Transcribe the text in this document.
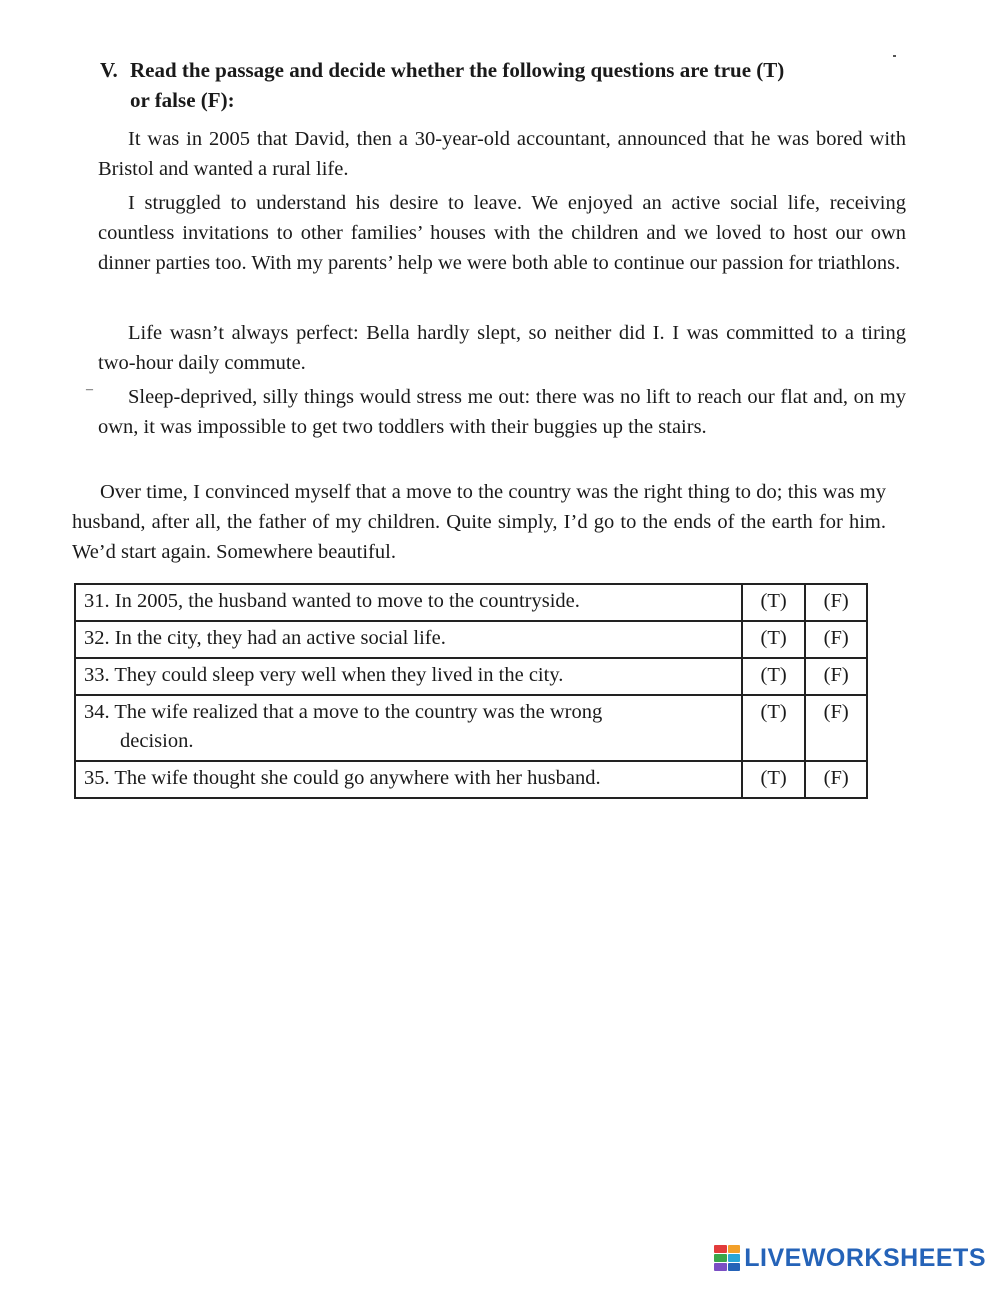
V. Read the passage and decide whether the following questions are true (T)
or false (F):

It was in 2005 that David, then a 30-year-old accountant, announced that he was bored with Bristol and wanted a rural life.

I struggled to understand his desire to leave. We enjoyed an active social life, receiving countless invitations to other families’ houses with the children and we loved to host our own dinner parties too. With my parents’ help we were both able to continue our passion for triathlons.

Life wasn’t always perfect: Bella hardly slept, so neither did I. I was committed to a tiring two-hour daily commute.

–	Sleep-deprived, silly things would stress me out: there was no lift to reach our flat and, on my own, it was impossible to get two toddlers with their buggies up the stairs.

Over time, I convinced myself that a move to the country was the right thing to do; this was my husband, after all, the father of my children. Quite simply, I’d go to the ends of the earth for him. We’d start again. Somewhere beautiful.

31. In 2005, the husband wanted to move to the countryside.	(T)	(F)
32. In the city, they had an active social life.	(T)	(F)
33. They could sleep very well when they lived in the city.	(T)	(F)
34. The wife realized that a move to the country was the wrong
decision.	(T)	(F)
35. The wife thought she could go anywhere with her husband.	(T)	(F)
LIVEWORKSHEETS
